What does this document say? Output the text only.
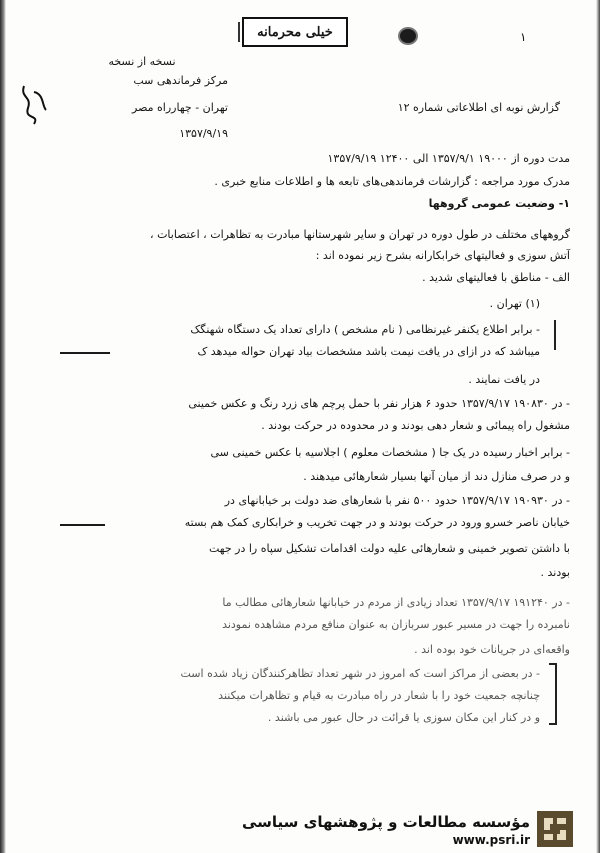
خیلی محرمانه	۱
نسخه از نسخه
مرکز فرماندهی سب
تهران - چهارراه مصر
۱۳۵۷/۹/۱۹
گزارش نوبه ای اطلاعاتی شماره ۱۲
مدت دوره از ۱۹۰۰۰ ۱۳۵۷/۹/۱ الی ۱۲۴۰۰ ۱۳۵۷/۹/۱۹
مدرک مورد مراجعه : گزارشات فرماندهی‌های تابعه ها و اطلاعات منابع خبری .
۱- وضعیت عمومی گروهها
گروههای مختلف در طول دوره در تهران و سایر شهرستانها مبادرت به تظاهرات ، اعتصابات ،
آتش سوزی و فعالیتهای خرابکارانه بشرح زیر نموده اند :
الف - مناطق با فعالیتهای شدید .
(۱) تهران .
- برابر اطلاع یکنفر غیرنظامی ( نام مشخص ) دارای تعداد یک دستگاه شهنگک
میباشد که در ازای در یافت نیمت باشد مشخصات بیاد تهران حواله میدهد ک
در یافت نمایند .
- در ۱۹۰۸۳۰ ۱۳۵۷/۹/۱۷ حدود ۶ هزار نفر با حمل پرچم های زرد رنگ و عکس خمینی
مشغول راه پیمائی و شعار دهی بودند و در محدوده در حرکت بودند .
- برابر اخبار رسیده در یک جا ( مشخصات معلوم ) اجلاسیه با عکس خمینی سی
و در صرف منازل دند از میان آنها بسیار شعارهائی میدهند .
- در ۱۹۰۹۳۰ ۱۳۵۷/۹/۱۷ حدود ۵۰۰ نفر با شعارهای ضد دولت بر خیابانهای در
خیابان ناصر خسرو ورود در حرکت بودند و در جهت تخریب و خرابکاری کمک هم بسته
با داشتن تصویر خمینی و شعارهائی علیه دولت اقدامات تشکیل سپاه را در جهت
بودند .
- در ۱۹۱۲۴۰ ۱۳۵۷/۹/۱۷ تعداد زیادی از مردم در خیابانها شعارهائی مطالب ما
نامبرده را جهت در مسیر عبور سربازان به عنوان منافع مردم مشاهده نمودند
واقعه‌ای در جریانات خود بوده اند .
- در بعضی از مراکز است که امروز در شهر تعداد تظاهرکنندگان زیاد شده است
چنانچه جمعیت خود را با شعار در راه مبادرت به قیام و تظاهرات میکنند
و در کنار این مکان سوزی یا قرائت در حال عبور می باشند .
مؤسسه مطالعات و پژوهشهای سیاسی
www.psri.ir
